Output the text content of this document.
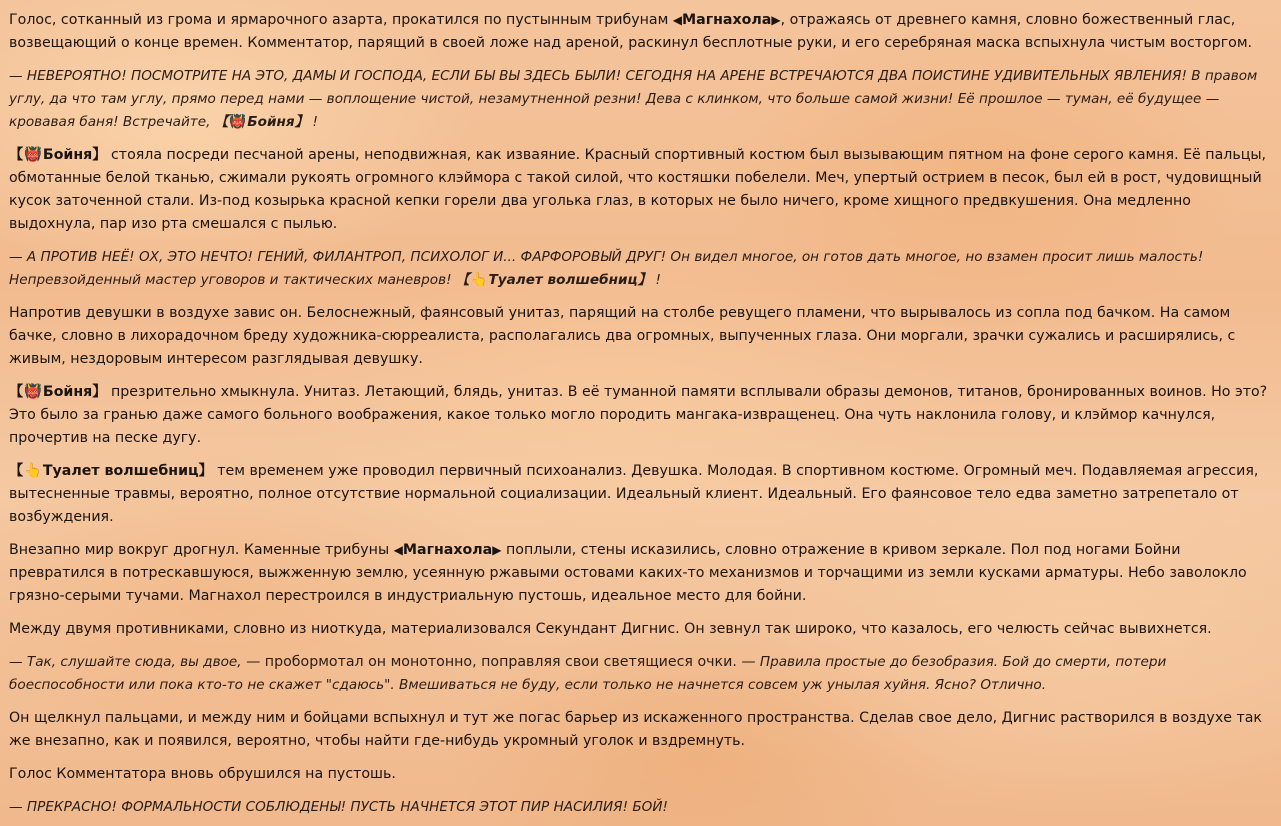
Голос, сотканный из грома и ярмарочного азарта, прокатился по пустынным трибунам ◀Магнахола▶, отражаясь от древнего камня, словно божественный глас, возвещающий о конце времен. Комментатор, парящий в своей ложе над ареной, раскинул бесплотные руки, и его серебряная маска вспыхнула чистым восторгом.

— НЕВЕРОЯТНО! ПОСМОТРИТЕ НА ЭТО, ДАМЫ И ГОСПОДА, ЕСЛИ БЫ ВЫ ЗДЕСЬ БЫЛИ! СЕГОДНЯ НА АРЕНЕ ВСТРЕЧАЮТСЯ ДВА ПОИСТИНЕ УДИВИТЕЛЬНЫХ ЯВЛЕНИЯ! В правом углу, да что там углу, прямо перед нами — воплощение чистой, незамутненной резни! Дева с клинком, что больше самой жизни! Её прошлое — туман, её будущее — кровавая баня! Встречайте, 【👹Бойня】 !

【👹Бойня】 стояла посреди песчаной арены, неподвижная, как изваяние. Красный спортивный костюм был вызывающим пятном на фоне серого камня. Её пальцы, обмотанные белой тканью, сжимали рукоять огромного клэймора с такой силой, что костяшки побелели. Меч, упертый острием в песок, был ей в рост, чудовищный кусок заточенной стали. Из-под козырька красной кепки горели два уголька глаз, в которых не было ничего, кроме хищного предвкушения. Она медленно выдохнула, пар изо рта смешался с пылью.

— А ПРОТИВ НЕЁ! ОХ, ЭТО НЕЧТО! ГЕНИЙ, ФИЛАНТРОП, ПСИХОЛОГ И... ФАРФОРОВЫЙ ДРУГ! Он видел многое, он готов дать многое, но взамен просит лишь малость! Непревзойденный мастер уговоров и тактических маневров! 【👆Туалет волшебниц】 !

Напротив девушки в воздухе завис он. Белоснежный, фаянсовый унитаз, парящий на столбе ревущего пламени, что вырывалось из сопла под бачком. На самом бачке, словно в лихорадочном бреду художника-сюрреалиста, располагались два огромных, выпученных глаза. Они моргали, зрачки сужались и расширялись, с живым, нездоровым интересом разглядывая девушку.

【👹Бойня】 презрительно хмыкнула. Унитаз. Летающий, блядь, унитаз. В её туманной памяти всплывали образы демонов, титанов, бронированных воинов. Но это? Это было за гранью даже самого больного воображения, какое только могло породить мангака-извращенец. Она чуть наклонила голову, и клэймор качнулся, прочертив на песке дугу.

【👆Туалет волшебниц】 тем временем уже проводил первичный психоанализ. Девушка. Молодая. В спортивном костюме. Огромный меч. Подавляемая агрессия, вытесненные травмы, вероятно, полное отсутствие нормальной социализации. Идеальный клиент. Идеальный. Его фаянсовое тело едва заметно затрепетало от возбуждения.

Внезапно мир вокруг дрогнул. Каменные трибуны ◀Магнахола▶ поплыли, стены исказились, словно отражение в кривом зеркале. Пол под ногами Бойни превратился в потрескавшуюся, выжженную землю, усеянную ржавыми остовами каких-то механизмов и торчащими из земли кусками арматуры. Небо заволокло грязно-серыми тучами. Магнахол перестроился в индустриальную пустошь, идеальное место для бойни.

Между двумя противниками, словно из ниоткуда, материализовался Секундант Дигнис. Он зевнул так широко, что казалось, его челюсть сейчас вывихнется.

— Так, слушайте сюда, вы двое, — пробормотал он монотонно, поправляя свои светящиеся очки. — Правила простые до безобразия. Бой до смерти, потери боеспособности или пока кто-то не скажет "сдаюсь". Вмешиваться не буду, если только не начнется совсем уж унылая хуйня. Ясно? Отлично.

Он щелкнул пальцами, и между ним и бойцами вспыхнул и тут же погас барьер из искаженного пространства. Сделав свое дело, Дигнис растворился в воздухе так же внезапно, как и появился, вероятно, чтобы найти где-нибудь укромный уголок и вздремнуть.

Голос Комментатора вновь обрушился на пустошь.

— ПРЕКРАСНО! ФОРМАЛЬНОСТИ СОБЛЮДЕНЫ! ПУСТЬ НАЧНЕТСЯ ЭТОТ ПИР НАСИЛИЯ! БОЙ!
